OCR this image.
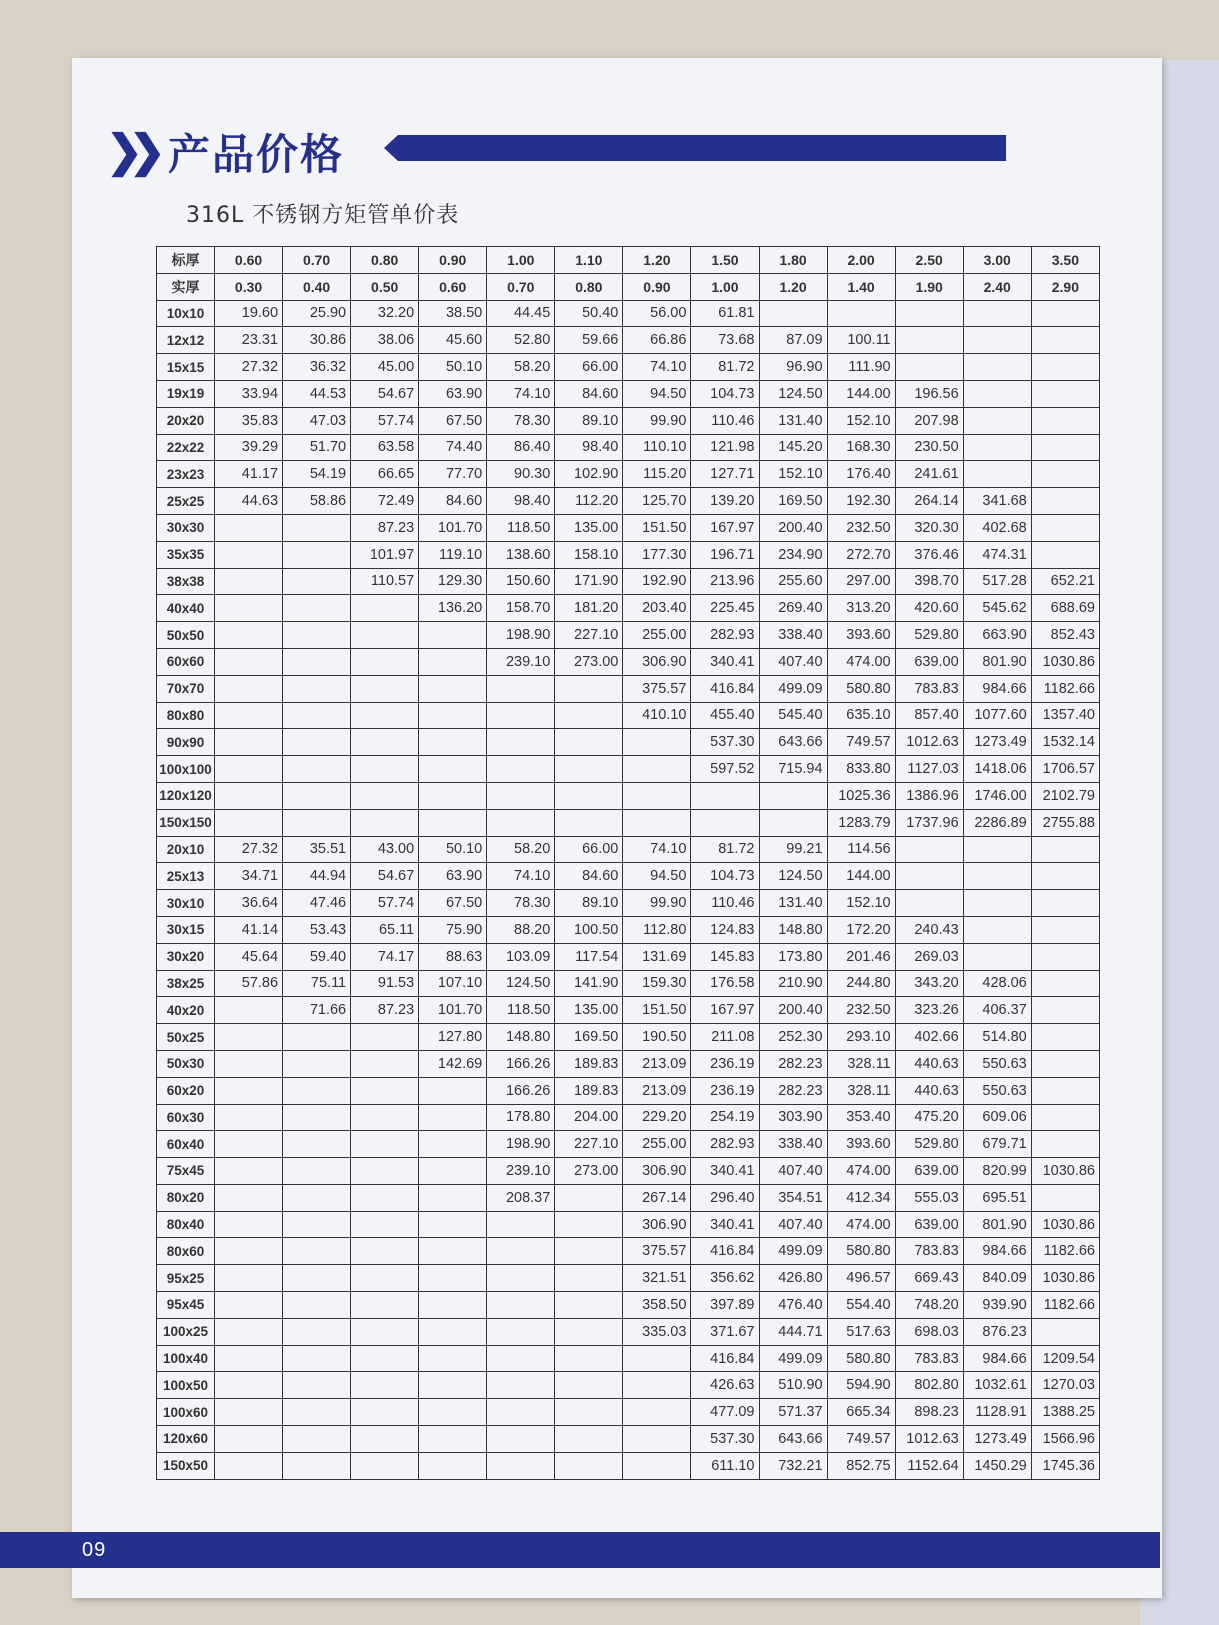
❯❯ 产品价格
316L 不锈钢方矩管单价表
标厚	0.60	0.70	0.80	0.90	1.00	1.10	1.20	1.50	1.80	2.00	2.50	3.00	3.50
实厚	0.30	0.40	0.50	0.60	0.70	0.80	0.90	1.00	1.20	1.40	1.90	2.40	2.90
10x10	19.60	25.90	32.20	38.50	44.45	50.40	56.00	61.81					
12x12	23.31	30.86	38.06	45.60	52.80	59.66	66.86	73.68	87.09	100.11			
15x15	27.32	36.32	45.00	50.10	58.20	66.00	74.10	81.72	96.90	111.90			
19x19	33.94	44.53	54.67	63.90	74.10	84.60	94.50	104.73	124.50	144.00	196.56		
20x20	35.83	47.03	57.74	67.50	78.30	89.10	99.90	110.46	131.40	152.10	207.98		
22x22	39.29	51.70	63.58	74.40	86.40	98.40	110.10	121.98	145.20	168.30	230.50		
23x23	41.17	54.19	66.65	77.70	90.30	102.90	115.20	127.71	152.10	176.40	241.61		
25x25	44.63	58.86	72.49	84.60	98.40	112.20	125.70	139.20	169.50	192.30	264.14	341.68	
30x30			87.23	101.70	118.50	135.00	151.50	167.97	200.40	232.50	320.30	402.68	
35x35			101.97	119.10	138.60	158.10	177.30	196.71	234.90	272.70	376.46	474.31	
38x38			110.57	129.30	150.60	171.90	192.90	213.96	255.60	297.00	398.70	517.28	652.21
40x40				136.20	158.70	181.20	203.40	225.45	269.40	313.20	420.60	545.62	688.69
50x50					198.90	227.10	255.00	282.93	338.40	393.60	529.80	663.90	852.43
60x60					239.10	273.00	306.90	340.41	407.40	474.00	639.00	801.90	1030.86
70x70							375.57	416.84	499.09	580.80	783.83	984.66	1182.66
80x80							410.10	455.40	545.40	635.10	857.40	1077.60	1357.40
90x90								537.30	643.66	749.57	1012.63	1273.49	1532.14
100x100								597.52	715.94	833.80	1127.03	1418.06	1706.57
120x120										1025.36	1386.96	1746.00	2102.79
150x150										1283.79	1737.96	2286.89	2755.88
20x10	27.32	35.51	43.00	50.10	58.20	66.00	74.10	81.72	99.21	114.56			
25x13	34.71	44.94	54.67	63.90	74.10	84.60	94.50	104.73	124.50	144.00			
30x10	36.64	47.46	57.74	67.50	78.30	89.10	99.90	110.46	131.40	152.10			
30x15	41.14	53.43	65.11	75.90	88.20	100.50	112.80	124.83	148.80	172.20	240.43		
30x20	45.64	59.40	74.17	88.63	103.09	117.54	131.69	145.83	173.80	201.46	269.03		
38x25	57.86	75.11	91.53	107.10	124.50	141.90	159.30	176.58	210.90	244.80	343.20	428.06	
40x20		71.66	87.23	101.70	118.50	135.00	151.50	167.97	200.40	232.50	323.26	406.37	
50x25				127.80	148.80	169.50	190.50	211.08	252.30	293.10	402.66	514.80	
50x30				142.69	166.26	189.83	213.09	236.19	282.23	328.11	440.63	550.63	
60x20					166.26	189.83	213.09	236.19	282.23	328.11	440.63	550.63	
60x30					178.80	204.00	229.20	254.19	303.90	353.40	475.20	609.06	
60x40					198.90	227.10	255.00	282.93	338.40	393.60	529.80	679.71	
75x45					239.10	273.00	306.90	340.41	407.40	474.00	639.00	820.99	1030.86
80x20					208.37		267.14	296.40	354.51	412.34	555.03	695.51	
80x40							306.90	340.41	407.40	474.00	639.00	801.90	1030.86
80x60							375.57	416.84	499.09	580.80	783.83	984.66	1182.66
95x25							321.51	356.62	426.80	496.57	669.43	840.09	1030.86
95x45							358.50	397.89	476.40	554.40	748.20	939.90	1182.66
100x25							335.03	371.67	444.71	517.63	698.03	876.23	
100x40								416.84	499.09	580.80	783.83	984.66	1209.54
100x50								426.63	510.90	594.90	802.80	1032.61	1270.03
100x60								477.09	571.37	665.34	898.23	1128.91	1388.25
120x60								537.30	643.66	749.57	1012.63	1273.49	1566.96
150x50								611.10	732.21	852.75	1152.64	1450.29	1745.36
09
